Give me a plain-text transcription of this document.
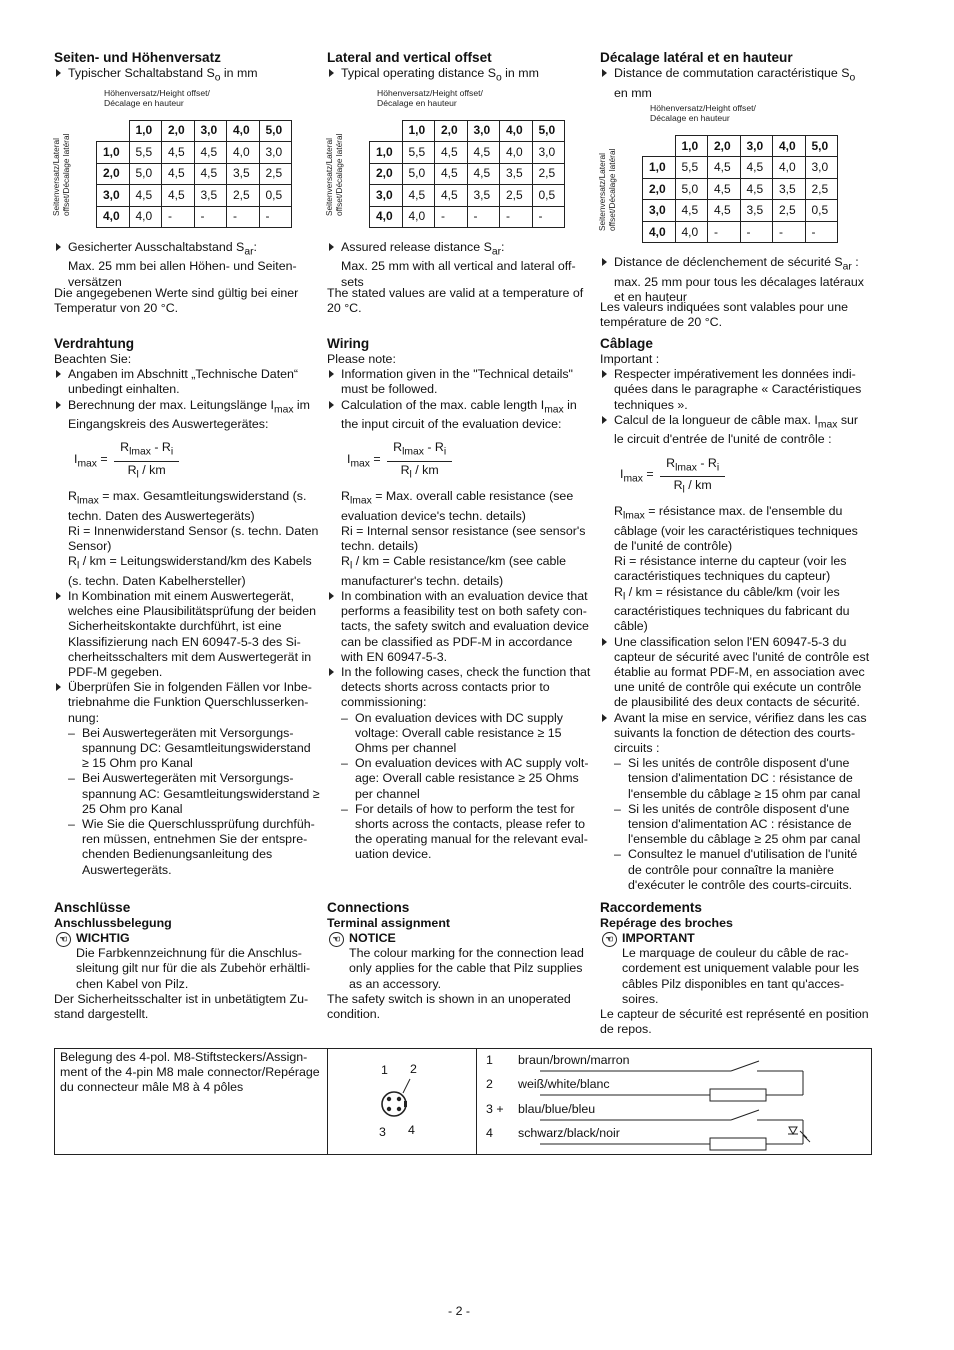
Seiten- und Höhenversatz

Typischer Schaltabstand $S_o$ in mm

Höhenversatz/Height offset/
Décalage en hauteur
Seitenversatz/Lateral offset/Décalage latéral
	1,0	2,0	3,0	4,0	5,0
1,0	5,5	4,5	4,5	4,0	3,0
2,0	5,0	4,5	4,5	3,5	2,5
3,0	4,5	4,5	3,5	2,5	0,5
4,0	4,0	-	-	-	-

Gesicherter Ausschaltabstand $S_{ar}$:

Max. 25 mm bei allen Höhen- und Seitenversätzen

Die angegebenen Werte sind gültig bei einer Temperatur von 20 °C.

Verdrahtung

Beachten Sie:

Angaben im Abschnitt „Technische Daten“ unbedingt einhalten.

Berechnung der max. Leitungslänge $I_{max}$ im Eingangskreis des Auswertegerätes:

$I_{max} = \frac{R_{lmax} - R_i}{R_l / km}$

$R_{lmax} = \max$. Gesamtleitungswiderstand (s. techn. Daten des Auswertegeräts)

Ri = Innenwiderstand Sensor (s. techn. Daten Sensor)

$R_l$ / km = Leitungswiderstand/km des Kabels (s. techn. Daten Kabelhersteller)

In Kombination mit einem Auswertegerät, welches eine Plausibilitätsprüfung der beiden Sicherheitskontakte durchführt, ist eine Klassifizierung nach EN 60947-5-3 des Sicherheitsschalters mit dem Auswertegerät in PDF-M gegeben.

Überprüfen Sie in folgenden Fällen vor Inbetriebnahme die Funktion Querschlusserkennung:

– Bei Auswertegeräten mit Versorgungsspannung DC: Gesamtleitungswiderstand ≥ 15 Ohm pro Kanal

– Bei Auswertegeräten mit Versorgungsspannung AC: Gesamtleitungswiderstand ≥ 25 Ohm pro Kanal

– Wie Sie die Querschlussprüfung durchführen müssen, entnehmen Sie der entsprechenden Bedienungsanleitung des Auswertegeräts.

Anschlüsse
Anschlussbelegung

☜ WICHTIG

Die Farbkennzeichnung für die Anschlussleitung gilt nur für die als Zubehör erhältlichen Kabel von Pilz.

Der Sicherheitsschalter ist in unbetätigtem Zustand dargestellt.

Lateral and vertical offset

Typical operating distance $S_o$ in mm

Höhenversatz/Height offset/
Décalage en hauteur
Seitenversatz/Lateral offset/Décalage latéral
	1,0	2,0	3,0	4,0	5,0
1,0	5,5	4,5	4,5	4,0	3,0
2,0	5,0	4,5	4,5	3,5	2,5
3,0	4,5	4,5	3,5	2,5	0,5
4,0	4,0	-	-	-	-

Assured release distance $S_{ar}$:

Max. 25 mm with all vertical and lateral offsets

The stated values are valid at a temperature of 20 °C.

Wiring

Please note:

Information given in the "Technical details" must be followed.

Calculation of the max. cable length $I_{max}$ in the input circuit of the evaluation device:

$I_{max} = \frac{R_{lmax} - R_i}{R_l / km}$

$R_{lmax}$ = Max. overall cable resistance (see evaluation device's techn. details)

Ri = Internal sensor resistance (see sensor's techn. details)

$R_l$ / km = Cable resistance/km (see cable manufacturer's techn. details)

In combination with an evaluation device that performs a feasibility test on both safety contacts, the safety switch and evaluation device can be classified as PDF-M in accordance with EN 60947-5-3.

In the following cases, check the function that detects shorts across contacts prior to commissioning:

– On evaluation devices with DC supply voltage: Overall cable resistance ≥ 15 Ohms per channel

– On evaluation devices with AC supply voltage: Overall cable resistance ≥ 25 Ohms per channel

– For details of how to perform the test for shorts across the contacts, please refer to the operating manual for the relevant evaluation device.

Connections
Terminal assignment

☜ NOTICE

The colour marking for the connection lead only applies for the cable that Pilz supplies as an accessory.

The safety switch is shown in an unoperated condition.

Décalage latéral et en hauteur

Distance de commutation caractéristique $S_o$ en mm

Höhenversatz/Height offset/
Décalage en hauteur
Seitenversatz/Lateral offset/Décalage latéral
	1,0	2,0	3,0	4,0	5,0
1,0	5,5	4,5	4,5	4,0	3,0
2,0	5,0	4,5	4,5	3,5	2,5
3,0	4,5	4,5	3,5	2,5	0,5
4,0	4,0	-	-	-	-

Distance de déclenchement de sécurité $S_{ar}$ :

max. 25 mm pour tous les décalages latéraux et en hauteur

Les valeurs indiquées sont valables pour une température de 20 °C.

Câblage

Important :

Respecter impérativement les données indiquées dans le paragraphe « Caractéristiques techniques ».

Calcul de la longueur de câble max. $I_{max}$ sur le circuit d'entrée de l'unité de contrôle :

$I_{max} = \frac{R_{lmax} - R_i}{R_l / km}$

$R_{lmax}$ = résistance max. de l'ensemble du câblage (voir les caractéristiques techniques de l'unité de contrôle)

Ri = résistance interne du capteur (voir les caractéristiques techniques du capteur)

$R_l$ / km = résistance du câble/km (voir les caractéristiques techniques du fabricant du câble)

Une classification selon l'EN 60947-5-3 du capteur de sécurité avec l'unité de contrôle est établie au format PDF-M, en association avec une unité de contrôle qui exécute un contrôle de plausibilité des deux contacts de sécurité.

Avant la mise en service, vérifiez dans les cas suivants la fonction de détection des courts-circuits :

– Si les unités de contrôle disposent d'une tension d'alimentation DC : résistance de l'ensemble du câblage ≥ 15 ohm par canal

– Si les unités de contrôle disposent d'une tension d'alimentation AC : résistance de l'ensemble du câblage ≥ 25 ohm par canal

– Consultez le manuel d'utilisation de l'unité de contrôle pour connaître la manière d'exécuter le contrôle des courts-circuits.

Raccordements
Repérage des broches

☜ IMPORTANT

Le marquage de couleur du câble de raccordement est uniquement valable pour les câbles Pilz disponibles en tant qu'accessoires.

Le capteur de sécurité est représenté en position de repos.

Belegung des 4-pol. M8-Stiftsteckers/Assignment of the 4-pin M8 male connector/Repérage du connecteur mâle M8 à 4 pôles
1 2
3 4
1 braun/brown/marron
2 weiß/white/blanc
3 + blau/blue/bleu
4 schwarz/black/noir
- 2 -
